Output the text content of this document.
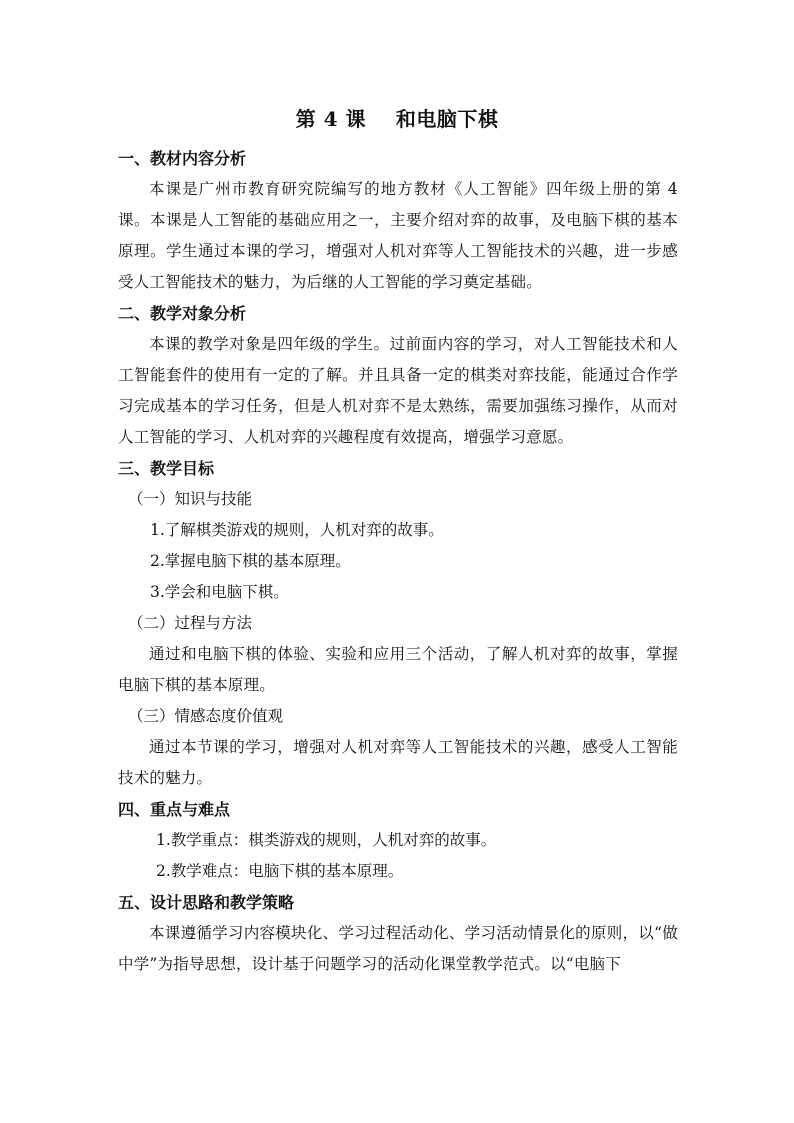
第 4 课    和电脑下棋

一、教材内容分析

本课是广州市教育研究院编写的地方教材《人工智能》四年级上册的第 4 课。本课是人工智能的基础应用之一，主要介绍对弈的故事，及电脑下棋的基本原理。学生通过本课的学习，增强对人机对弈等人工智能技术的兴趣，进一步感受人工智能技术的魅力，为后继的人工智能的学习奠定基础。

二、教学对象分析

本课的教学对象是四年级的学生。过前面内容的学习，对人工智能技术和人工智能套件的使用有一定的了解。并且具备一定的棋类对弈技能，能通过合作学习完成基本的学习任务，但是人机对弈不是太熟练，需要加强练习操作，从而对人工智能的学习、人机对弈的兴趣程度有效提高，增强学习意愿。

三、教学目标

（一）知识与技能

1.了解棋类游戏的规则，人机对弈的故事。

2.掌握电脑下棋的基本原理。

3.学会和电脑下棋。

（二）过程与方法

通过和电脑下棋的体验、实验和应用三个活动，了解人机对弈的故事，掌握电脑下棋的基本原理。

（三）情感态度价值观

通过本节课的学习，增强对人机对弈等人工智能技术的兴趣，感受人工智能技术的魅力。

四、重点与难点

1.教学重点：棋类游戏的规则，人机对弈的故事。

2.教学难点：电脑下棋的基本原理。

五、设计思路和教学策略

本课遵循学习内容模块化、学习过程活动化、学习活动情景化的原则，以“做中学”为指导思想，设计基于问题学习的活动化课堂教学范式。以“电脑下
